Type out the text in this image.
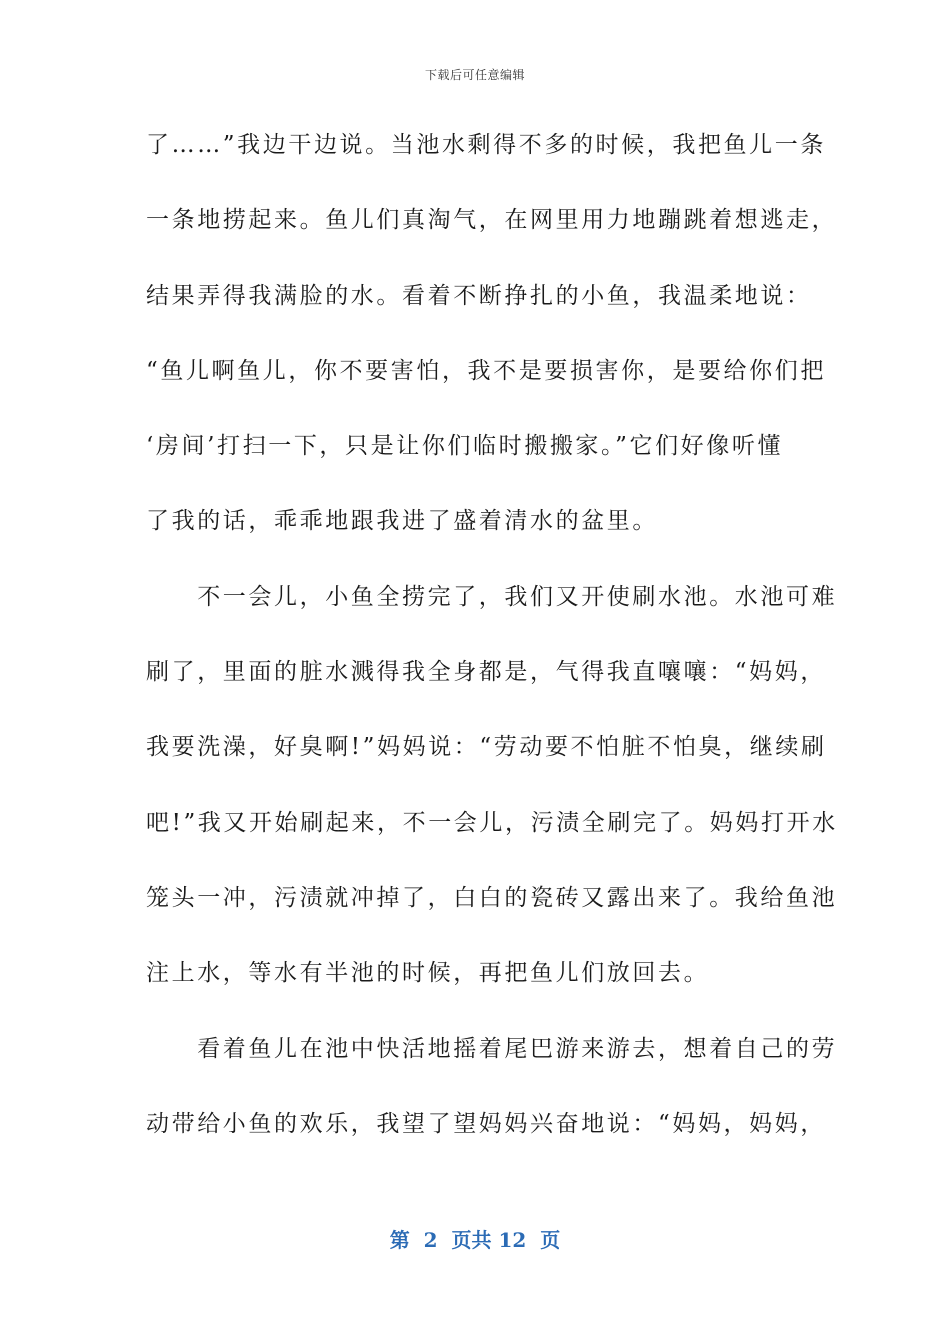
下载后可任意编辑
了……”我边干边说。当池水剩得不多的时候，我把鱼儿一条
一条地捞起来。鱼儿们真淘气，在网里用力地蹦跳着想逃走，
结果弄得我满脸的水。看着不断挣扎的小鱼，我温柔地说：
“鱼儿啊鱼儿，你不要害怕，我不是要损害你，是要给你们把
‘房间’打扫一下，只是让你们临时搬搬家。”它们好像听懂
了我的话，乖乖地跟我进了盛着清水的盆里。
　　不一会儿，小鱼全捞完了，我们又开使刷水池。水池可难
刷了，里面的脏水溅得我全身都是，气得我直嚷嚷：“妈妈，
我要洗澡，好臭啊!”妈妈说：“劳动要不怕脏不怕臭，继续刷
吧!”我又开始刷起来，不一会儿，污渍全刷完了。妈妈打开水
笼头一冲，污渍就冲掉了，白白的瓷砖又露出来了。我给鱼池
注上水，等水有半池的时候，再把鱼儿们放回去。
　　看着鱼儿在池中快活地摇着尾巴游来游去，想着自己的劳
动带给小鱼的欢乐，我望了望妈妈兴奋地说：“妈妈，妈妈，
第  2  页共 12  页
